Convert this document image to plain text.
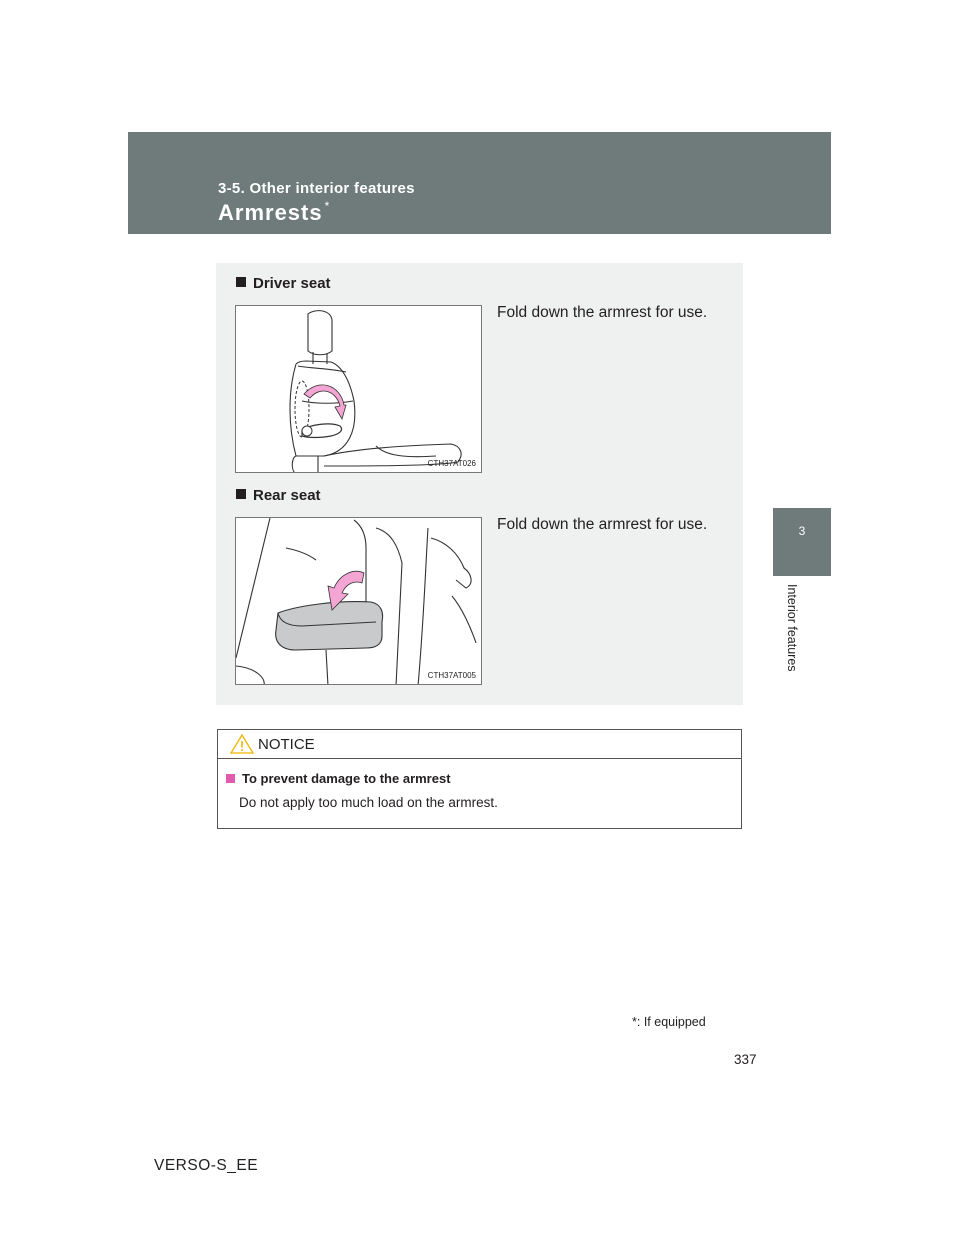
3-5. Other interior features
Armrests *
3
Interior features
Driver seat
Fold down the armrest for use.
CTH37AT026
Rear seat
Fold down the armrest for use.
CTH37AT005
NOTICE
To prevent damage to the armrest
Do not apply too much load on the armrest.
*: If equipped
337
VERSO-S_EE
